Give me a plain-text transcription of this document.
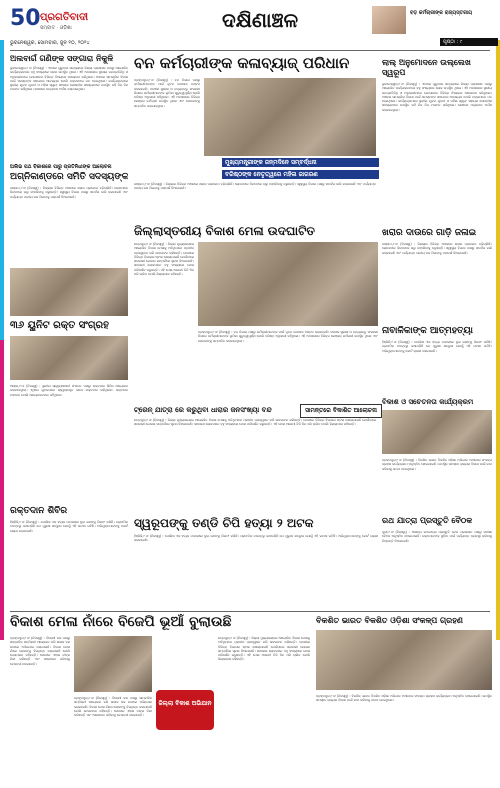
50 ପ୍ରଗତିବାଦୀ
ସମ୍ବାଦ · ଓଡ଼ିଶା	ଦକ୍ଷିଣାଞ୍ଚଳ	ବଡ଼ କର୍ମଚାରୀଙ୍କ ରାଜ୍ୟସ୍ତରୀୟ
ଭୁବନେଶ୍ୱର, ସୋମବାର, ଜୁନ ୧୦, ୨୦୨୪	ପୃଷ୍ଠା : ୯
ଅଲବାର୍ଗ ଗଣିଙ୍କ ସଙ୍ଗାରା ନିକୁଳି
ଭୁବନେଶ୍ୱର,୯।୬ (ନିଜସ୍ୱ) : ଏଠାରେ ଗୁରୁବାର ସନ୍ଧ୍ୟାରେ ଜିଲ୍ଲା ପ୍ରଶାସନ ପକ୍ଷରୁ ଆୟୋଜିତ କାର୍ଯ୍ୟକ୍ରମରେ ବହୁ ସଂଖ୍ୟାରେ ଲୋକ ଉପସ୍ଥିତ ଥିଲେ। ଏହି ଅବସରରେ ସ୍ଥାନୀୟ ଜନପ୍ରତିନିଧି ଓ ଅଧିକାରୀମାନେ ଯୋଗଦେଇ ବିଭିନ୍ନ ବିଷୟରେ ଆଲୋଚନା କରିଥିଲେ। ଅଞ୍ଚଳର ସାମଗ୍ରିକ ବିକାଶ ପାଇଁ ସମସ୍ତଙ୍କ ସହଯୋଗ ଆବଶ୍ୟକ ବୋଲି ବକ୍ତାମାନେ ମତ ଦେଇଥିଲେ। କାର୍ଯ୍ୟକ୍ରମରେ ସ୍ଥାନୀୟ ଯୁବକ ଯୁବତୀ ଓ ମହିଳା ସ୍ୱୟଂ ସହାୟକ ଗୋଷ୍ଠୀର ସଦସ୍ୟମାନେ ଉପସ୍ଥିତ ରହି ନିଜ ନିଜ ମତାମତ ରଖିଥିଲେ। ଶେଷରେ ଧନ୍ୟବାଦ ଅର୍ପଣ କରାଯାଇଥିଲା।
ଅଲିଭ ପଥ ବିକାଶରେ ପାରୁ ପ୍ରତିନିଧୀଙ୍କ ଆଲୋଚନା
ଅଗ୍ନିକାଣ୍ଡରେ ସମିତି ସଦସ୍ୟଙ୍କ
ଗଞ୍ଜାମ,୯।୬ (ନିଜସ୍ୱ) : ଜିଲ୍ଲାର ବିଭିନ୍ନ ଅଞ୍ଚଳରେ ଖରାର ପ୍ରକୋପ ବଢ଼ିଚାଲିଛି। ଲୋକମାନେ ଦିନବେଳେ ଘରୁ ବାହାରିବାକୁ ଡରୁଛନ୍ତି। ସ୍ୱାସ୍ଥ୍ୟ ବିଭାଗ ପକ୍ଷରୁ ସତର୍କତା ଜାରି କରାଯାଇଛି ଏବଂ ପର୍ଯ୍ୟାପ୍ତ ପାନୀୟ ଜଳ ପିଇବାକୁ ପରାମର୍ଶ ଦିଆଯାଇଛି।
୩୬ ୟୁନିଟ ରକ୍ତ ସଂଗ୍ରହ
ଆସ୍କା,୯।୬ (ନିଜସ୍ୱ) : ସ୍ଥାନୀୟ ସ୍ୱେଚ୍ଛାସେବୀ ସଂଗଠନ ପକ୍ଷରୁ ରକ୍ତଦାନ ଶିବିର ଆୟୋଜନ କରାଯାଇଥିଲା। ଏଥିରେ ଯୁବକମାନେ ସ୍ୱେଚ୍ଛାକୃତ ଭାବେ ରକ୍ତଦାନ କରିଥିଲେ। ରକ୍ତଦାନ ମହାଦାନ ବୋଲି ଆୟୋଜକମାନେ କହିଥିଲେ।
ରକ୍ତଦାନ ଶିବିର
ହିଞ୍ଜିଳି,୯।୬ (ନିଜସ୍ୱ) : ପୋଲିସ ଏକ ହତ୍ୟା ମାମଲାରେ ଦୁଇ ଜଣଙ୍କୁ ଗିରଫ କରିଛି। ପ୍ରାଥମିକ ତଦନ୍ତରୁ ଜଣାପଡ଼ିଛି ଯେ ପୁରୁଣା ଶତ୍ରୁତା ଯୋଗୁଁ ଏହି ଘଟଣା ଘଟିଛି। ଅଭିଯୁକ୍ତମାନଙ୍କୁ କୋର୍ଟ ଚାଲାଣ କରାଯାଇଛି।
ବନ କର୍ମଚାରୀଙ୍କ କଳାବ୍ୟାଜ୍ ପରିଧାନ	ଲାଲ୍ ଅନୁମୋଦନେ ଉଲ୍ଲେଖ ସ୍ୱରୂପ
ବ୍ରହ୍ମପୁର,୯।୬ (ନିଜସ୍ୱ) : ବନ ବିଭାଗ ପକ୍ଷରୁ କର୍ମଚାରୀମାନଙ୍କ ପାଇଁ ନୂତନ ପୋଷାକ ବଣ୍ଟନ କରାଯାଇଛି। ବନାଞ୍ଚଳ ସୁରକ୍ଷା ଓ ବନ୍ୟଜନ୍ତୁ ସଂରକ୍ଷଣ ଦିଗରେ କର୍ମଚାରୀମାନଙ୍କ ଭୂମିକା ଗୁରୁତ୍ୱପୂର୍ଣ୍ଣ ବୋଲି ବରିଷ୍ଠ ଅଧିକାରୀ କହିଥିଲେ। ଏହି ଅବସରରେ ବିଭିନ୍ନ ରେଞ୍ଜର କର୍ମଚାରୀ ଉପସ୍ଥିତ ଥିଲେ ଏବଂ ସେମାନଙ୍କୁ ସମ୍ମାନିତ କରାଯାଇଥିଲା।
ଭୁବନେଶ୍ୱର,୯।୬ (ନିଜସ୍ୱ) : ଏଠାରେ ଗୁରୁବାର ସନ୍ଧ୍ୟାରେ ଜିଲ୍ଲା ପ୍ରଶାସନ ପକ୍ଷରୁ ଆୟୋଜିତ କାର୍ଯ୍ୟକ୍ରମରେ ବହୁ ସଂଖ୍ୟାରେ ଲୋକ ଉପସ୍ଥିତ ଥିଲେ। ଏହି ଅବସରରେ ସ୍ଥାନୀୟ ଜନପ୍ରତିନିଧି ଓ ଅଧିକାରୀମାନେ ଯୋଗଦେଇ ବିଭିନ୍ନ ବିଷୟରେ ଆଲୋଚନା କରିଥିଲେ। ଅଞ୍ଚଳର ସାମଗ୍ରିକ ବିକାଶ ପାଇଁ ସମସ୍ତଙ୍କ ସହଯୋଗ ଆବଶ୍ୟକ ବୋଲି ବକ୍ତାମାନେ ମତ ଦେଇଥିଲେ। କାର୍ଯ୍ୟକ୍ରମରେ ସ୍ଥାନୀୟ ଯୁବକ ଯୁବତୀ ଓ ମହିଳା ସ୍ୱୟଂ ସହାୟକ ଗୋଷ୍ଠୀର ସଦସ୍ୟମାନେ ଉପସ୍ଥିତ ରହି ନିଜ ନିଜ ମତାମତ ରଖିଥିଲେ। ଶେଷରେ ଧନ୍ୟବାଦ ଅର୍ପଣ କରାଯାଇଥିଲା।
ମୁଖ୍ୟମନ୍ତ୍ରୀଙ୍କ ଜନ୍ମଦିନେ ସମ୍ବର୍ଦ୍ଧନା
ବରିଷ୍ଠଙ୍କ ନେତୃତ୍ୱରେ ମହିଳା ଜାଗରଣ
ଗଞ୍ଜାମ,୯।୬ (ନିଜସ୍ୱ) : ଜିଲ୍ଲାର ବିଭିନ୍ନ ଅଞ୍ଚଳରେ ଖରାର ପ୍ରକୋପ ବଢ଼ିଚାଲିଛି। ଲୋକମାନେ ଦିନବେଳେ ଘରୁ ବାହାରିବାକୁ ଡରୁଛନ୍ତି। ସ୍ୱାସ୍ଥ୍ୟ ବିଭାଗ ପକ୍ଷରୁ ସତର୍କତା ଜାରି କରାଯାଇଛି ଏବଂ ପର୍ଯ୍ୟାପ୍ତ ପାନୀୟ ଜଳ ପିଇବାକୁ ପରାମର୍ଶ ଦିଆଯାଇଛି।
ଜିଲ୍ଲାସ୍ତରୀୟ ବିକାଶ ମେଳା ଉଦଘାଟିତ
ଛତ୍ରପୁର,୯।୬ (ନିଜସ୍ୱ) : ଜିଲ୍ଲା ମୁଖ୍ୟାଳୟରେ ଆୟୋଜିତ ବିକାଶ ମେଳାକୁ ଅତିଥିମାନେ ପ୍ରଦୀପ ପ୍ରଜ୍ୱଳନ କରି ଉଦଘାଟନ କରିଛନ୍ତି। ମେଳାରେ ବିଭିନ୍ନ ବିଭାଗର ଷ୍ଟଲ ଖୋଲାଯାଇଛି ଯେଉଁଠାରେ ସରକାରୀ ଯୋଜନା ସମ୍ପର୍କରେ ସୂଚନା ଦିଆଯାଉଛି। ସାଧାରଣ ଲୋକମାନେ ବହୁ ସଂଖ୍ୟାରେ ମେଳା ପରିଦର୍ଶନ କରୁଛନ୍ତି। ଏହି ମେଳା ଆଗାମୀ ତିନି ଦିନ ଧରି ଚାଲିବ ବୋଲି ଜିଲ୍ଲାପାଳ କହିଛନ୍ତି।
ବ୍ରହ୍ମପୁର,୯।୬ (ନିଜସ୍ୱ) : ବନ ବିଭାଗ ପକ୍ଷରୁ କର୍ମଚାରୀମାନଙ୍କ ପାଇଁ ନୂତନ ପୋଷାକ ବଣ୍ଟନ କରାଯାଇଛି। ବନାଞ୍ଚଳ ସୁରକ୍ଷା ଓ ବନ୍ୟଜନ୍ତୁ ସଂରକ୍ଷଣ ଦିଗରେ କର୍ମଚାରୀମାନଙ୍କ ଭୂମିକା ଗୁରୁତ୍ୱପୂର୍ଣ୍ଣ ବୋଲି ବରିଷ୍ଠ ଅଧିକାରୀ କହିଥିଲେ। ଏହି ଅବସରରେ ବିଭିନ୍ନ ରେଞ୍ଜର କର୍ମଚାରୀ ଉପସ୍ଥିତ ଥିଲେ ଏବଂ ସେମାନଙ୍କୁ ସମ୍ମାନିତ କରାଯାଇଥିଲା।
ଟ୍ରେନ୍ ଯାତ୍ରା ରେ କରୁଥିବା ଧାରାର ଜନସଂଖ୍ୟା ବନ୍ଦ	ସାମନ୍ତରେ ବିକାଶିତ ଆଲୋଚନା
ଛତ୍ରପୁର,୯।୬ (ନିଜସ୍ୱ) : ଜିଲ୍ଲା ମୁଖ୍ୟାଳୟରେ ଆୟୋଜିତ ବିକାଶ ମେଳାକୁ ଅତିଥିମାନେ ପ୍ରଦୀପ ପ୍ରଜ୍ୱଳନ କରି ଉଦଘାଟନ କରିଛନ୍ତି। ମେଳାରେ ବିଭିନ୍ନ ବିଭାଗର ଷ୍ଟଲ ଖୋଲାଯାଇଛି ଯେଉଁଠାରେ ସରକାରୀ ଯୋଜନା ସମ୍ପର୍କରେ ସୂଚନା ଦିଆଯାଉଛି। ସାଧାରଣ ଲୋକମାନେ ବହୁ ସଂଖ୍ୟାରେ ମେଳା ପରିଦର୍ଶନ କରୁଛନ୍ତି। ଏହି ମେଳା ଆଗାମୀ ତିନି ଦିନ ଧରି ଚାଲିବ ବୋଲି ଜିଲ୍ଲାପାଳ କହିଛନ୍ତି।
ଖରାର ଦାଉରେ ଗାଡ଼ି ଜଳାଇ
ଗଞ୍ଜାମ,୯।୬ (ନିଜସ୍ୱ) : ଜିଲ୍ଲାର ବିଭିନ୍ନ ଅଞ୍ଚଳରେ ଖରାର ପ୍ରକୋପ ବଢ଼ିଚାଲିଛି। ଲୋକମାନେ ଦିନବେଳେ ଘରୁ ବାହାରିବାକୁ ଡରୁଛନ୍ତି। ସ୍ୱାସ୍ଥ୍ୟ ବିଭାଗ ପକ୍ଷରୁ ସତର୍କତା ଜାରି କରାଯାଇଛି ଏବଂ ପର୍ଯ୍ୟାପ୍ତ ପାନୀୟ ଜଳ ପିଇବାକୁ ପରାମର୍ଶ ଦିଆଯାଇଛି।
ନାବାଳିକାଙ୍କ ଆତ୍ମହତ୍ୟା
ହିଞ୍ଜିଳି,୯।୬ (ନିଜସ୍ୱ) : ପୋଲିସ ଏକ ହତ୍ୟା ମାମଲାରେ ଦୁଇ ଜଣଙ୍କୁ ଗିରଫ କରିଛି। ପ୍ରାଥମିକ ତଦନ୍ତରୁ ଜଣାପଡ଼ିଛି ଯେ ପୁରୁଣା ଶତ୍ରୁତା ଯୋଗୁଁ ଏହି ଘଟଣା ଘଟିଛି। ଅଭିଯୁକ୍ତମାନଙ୍କୁ କୋର୍ଟ ଚାଲାଣ କରାଯାଇଛି।
ବିକାଶ ଓ ସଚେତନତା କାର୍ଯ୍ୟକ୍ରମ
ବ୍ରହ୍ମପୁର,୯।୬ (ନିଜସ୍ୱ) : ବିକଶିତ ଭାରତ ବିକଶିତ ଓଡ଼ିଶା ଅଭିଯାନ ଅଧୀନରେ ସଂକଳ୍ପ ଗ୍ରହଣ କାର୍ଯ୍ୟକ୍ରମ ଅନୁଷ୍ଠିତ ହୋଇଯାଇଛି। ଉପସ୍ଥିତ ସମସ୍ତେ ରାଜ୍ୟର ବିକାଶ ପାଇଁ କାମ କରିବାକୁ ଶପଥ ନେଇଥିଲେ।
ସ୍ୱରୂପଙ୍କୁ ତଣ୍ଡି ଚିପି ହତ୍ୟା ୨ ଅଟକ
ହିଞ୍ଜିଳି,୯।୬ (ନିଜସ୍ୱ) : ପୋଲିସ ଏକ ହତ୍ୟା ମାମଲାରେ ଦୁଇ ଜଣଙ୍କୁ ଗିରଫ କରିଛି। ପ୍ରାଥମିକ ତଦନ୍ତରୁ ଜଣାପଡ଼ିଛି ଯେ ପୁରୁଣା ଶତ୍ରୁତା ଯୋଗୁଁ ଏହି ଘଟଣା ଘଟିଛି। ଅଭିଯୁକ୍ତମାନଙ୍କୁ କୋର୍ଟ ଚାଲାଣ କରାଯାଇଛି।
ରଥ ଯାତ୍ରା ପ୍ରସ୍ତୁତି ବୈଠକ
ପୁରୀ,୯।୬ (ନିଜସ୍ୱ) : ଆସନ୍ତା ରଥଯାତ୍ରା ପ୍ରସ୍ତୁତି ନେଇ ପ୍ରଶାସନ ପକ୍ଷରୁ ସମୀକ୍ଷା ବୈଠକ ଅନୁଷ୍ଠିତ ହୋଇଯାଇଛି। ଭକ୍ତମାନଙ୍କ ସୁବିଧା ପାଇଁ ପର୍ଯ୍ୟାପ୍ତ ବ୍ୟବସ୍ଥା କରିବାକୁ ନିଷ୍ପତ୍ତି ନିଆଯାଇଛି।
ବିକାଶ ମେଳା ନାଁରେ ବିଜେପି ଭୂଆଁ ବୁଲାଉଛି	ବିକଶିତ ଭାରତ ବିକଶିତ ଓଡ଼ିଶା ସଂକଳ୍ପ ଗ୍ରହଣ
ବ୍ରହ୍ମପୁର,୯।୬ (ନିଜସ୍ୱ) : ବିରୋଧୀ ଦଳ ପକ୍ଷରୁ ସାମ୍ବାଦିକ ସମ୍ମିଳନୀ ଆୟୋଜନ କରି ଶାସକ ଦଳ ଉପରେ ଅଭିଯୋଗ କରାଯାଇଛି। ବିକାଶ ମେଳା ନାଁରେ ଲୋକଙ୍କୁ ବିଭ୍ରାନ୍ତ କରାଯାଉଛି ବୋଲି ନେତାମାନେ କହିଛନ୍ତି। ସେମାନେ ଏହାର ତୀବ୍ର ନିନ୍ଦା କରିଛନ୍ତି ଏବଂ ଆନ୍ଦୋଳନ କରିବାକୁ ଚେତାବନୀ ଦେଇଛନ୍ତି।
ବ୍ରହ୍ମପୁର,୯।୬ (ନିଜସ୍ୱ) : ବିରୋଧୀ ଦଳ ପକ୍ଷରୁ ସାମ୍ବାଦିକ ସମ୍ମିଳନୀ ଆୟୋଜନ କରି ଶାସକ ଦଳ ଉପରେ ଅଭିଯୋଗ କରାଯାଇଛି। ବିକାଶ ମେଳା ନାଁରେ ଲୋକଙ୍କୁ ବିଭ୍ରାନ୍ତ କରାଯାଉଛି ବୋଲି ନେତାମାନେ କହିଛନ୍ତି। ସେମାନେ ଏହାର ତୀବ୍ର ନିନ୍ଦା କରିଛନ୍ତି ଏବଂ ଆନ୍ଦୋଳନ କରିବାକୁ ଚେତାବନୀ ଦେଇଛନ୍ତି।
ଜିଲ୍ଲା ବିକାଶ ଅଭିଯାନ
ଛତ୍ରପୁର,୯।୬ (ନିଜସ୍ୱ) : ଜିଲ୍ଲା ମୁଖ୍ୟାଳୟରେ ଆୟୋଜିତ ବିକାଶ ମେଳାକୁ ଅତିଥିମାନେ ପ୍ରଦୀପ ପ୍ରଜ୍ୱଳନ କରି ଉଦଘାଟନ କରିଛନ୍ତି। ମେଳାରେ ବିଭିନ୍ନ ବିଭାଗର ଷ୍ଟଲ ଖୋଲାଯାଇଛି ଯେଉଁଠାରେ ସରକାରୀ ଯୋଜନା ସମ୍ପର୍କରେ ସୂଚନା ଦିଆଯାଉଛି। ସାଧାରଣ ଲୋକମାନେ ବହୁ ସଂଖ୍ୟାରେ ମେଳା ପରିଦର୍ଶନ କରୁଛନ୍ତି। ଏହି ମେଳା ଆଗାମୀ ତିନି ଦିନ ଧରି ଚାଲିବ ବୋଲି ଜିଲ୍ଲାପାଳ କହିଛନ୍ତି।
ବ୍ରହ୍ମପୁର,୯।୬ (ନିଜସ୍ୱ) : ବିକଶିତ ଭାରତ ବିକଶିତ ଓଡ଼ିଶା ଅଭିଯାନ ଅଧୀନରେ ସଂକଳ୍ପ ଗ୍ରହଣ କାର୍ଯ୍ୟକ୍ରମ ଅନୁଷ୍ଠିତ ହୋଇଯାଇଛି। ଉପସ୍ଥିତ ସମସ୍ତେ ରାଜ୍ୟର ବିକାଶ ପାଇଁ କାମ କରିବାକୁ ଶପଥ ନେଇଥିଲେ।
